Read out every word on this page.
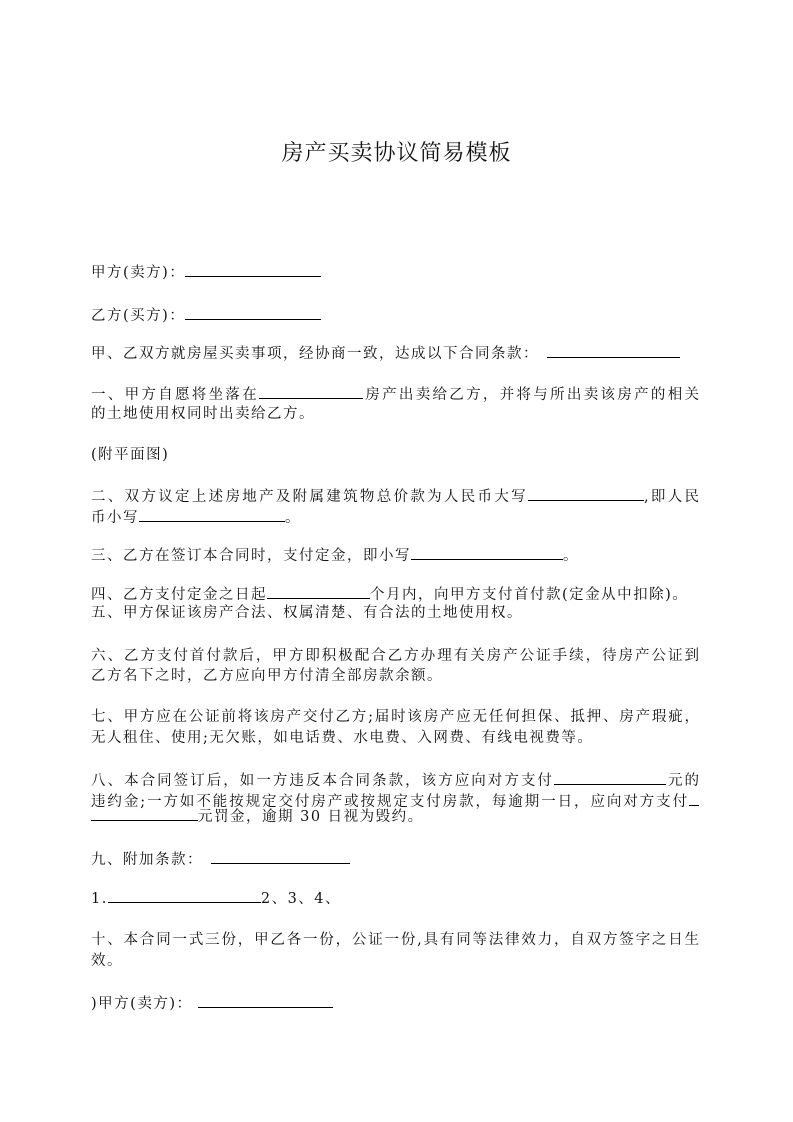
房产买卖协议简易模板
甲方(卖方)：
乙方(买方)：
甲、乙双方就房屋买卖事项，经协商一致，达成以下合同条款：
一、甲方自愿将坐落在	房产出卖给乙方，并将与所出卖该房产的相关
的土地使用权同时出卖给乙方。
(附平面图)
二、双方议定上述房地产及附属建筑物总价款为人民币大写	,即人民
币小写	。
三、乙方在签订本合同时，支付定金，即小写	。
四、乙方支付定金之日起	个月内，向甲方支付首付款(定金从中扣除)。
五、甲方保证该房产合法、权属清楚、有合法的土地使用权。
六、乙方支付首付款后，甲方即积极配合乙方办理有关房产公证手续，待房产公证到
乙方名下之时，乙方应向甲方付清全部房款余额。
七、甲方应在公证前将该房产交付乙方;届时该房产应无任何担保、抵押、房产瑕疵，
无人租住、使用;无欠账，如电话费、水电费、入网费、有线电视费等。
八、本合同签订后，如一方违反本合同条款，该方应向对方支付	元的
违约金;一方如不能按规定交付房产或按规定支付房款，每逾期一日，应向对方支付
元罚金，逾期 30 日视为毁约。
九、附加条款：
1.	2、3、4、
十、本合同一式三份，甲乙各一份，公证一份,具有同等法律效力，自双方签字之日生
效。
)甲方(卖方)：
